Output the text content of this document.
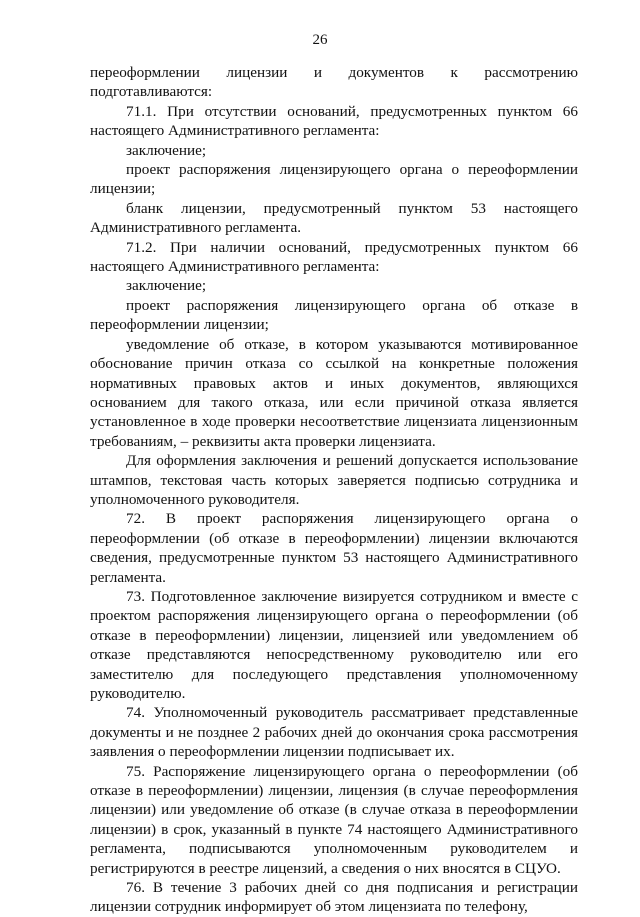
26

переоформлении лицензии и документов к рассмотрению подготавливаются:

71.1. При отсутствии оснований, предусмотренных пунктом 66 настоящего Административного регламента:

заключение;

проект распоряжения лицензирующего органа о переоформлении лицензии;

бланк лицензии, предусмотренный пунктом 53 настоящего Административного регламента.

71.2. При наличии оснований, предусмотренных пунктом 66 настоящего Административного регламента:

заключение;

проект распоряжения лицензирующего органа об отказе в переоформлении лицензии;

уведомление об отказе, в котором указываются мотивированное обоснование причин отказа со ссылкой на конкретные положения нормативных правовых актов и иных документов, являющихся основанием для такого отказа, или если причиной отказа является установленное в ходе проверки несоответствие лицензиата лицензионным требованиям, – реквизиты акта проверки лицензиата.

Для оформления заключения и решений допускается использование штампов, текстовая часть которых заверяется подписью сотрудника и уполномоченного руководителя.

72. В проект распоряжения лицензирующего органа о переоформлении (об отказе в переоформлении) лицензии включаются сведения, предусмотренные пунктом 53 настоящего Административного регламента.

73. Подготовленное заключение визируется сотрудником и вместе с проектом распоряжения лицензирующего органа о переоформлении (об отказе в переоформлении) лицензии, лицензией или уведомлением об отказе представляются непосредственному руководителю или его заместителю для последующего представления уполномоченному руководителю.

74. Уполномоченный руководитель рассматривает представленные документы и не позднее 2 рабочих дней до окончания срока рассмотрения заявления о переоформлении лицензии подписывает их.

75. Распоряжение лицензирующего органа о переоформлении (об отказе в переоформлении) лицензии, лицензия (в случае переоформления лицензии) или уведомление об отказе (в случае отказа в переоформлении лицензии) в срок, указанный в пункте 74 настоящего Административного регламента, подписываются уполномоченным руководителем и регистрируются в реестре лицензий, а сведения о них вносятся в СЦУО.

76. В течение 3 рабочих дней со дня подписания и регистрации лицензии сотрудник информирует об этом лицензиата по телефону,
